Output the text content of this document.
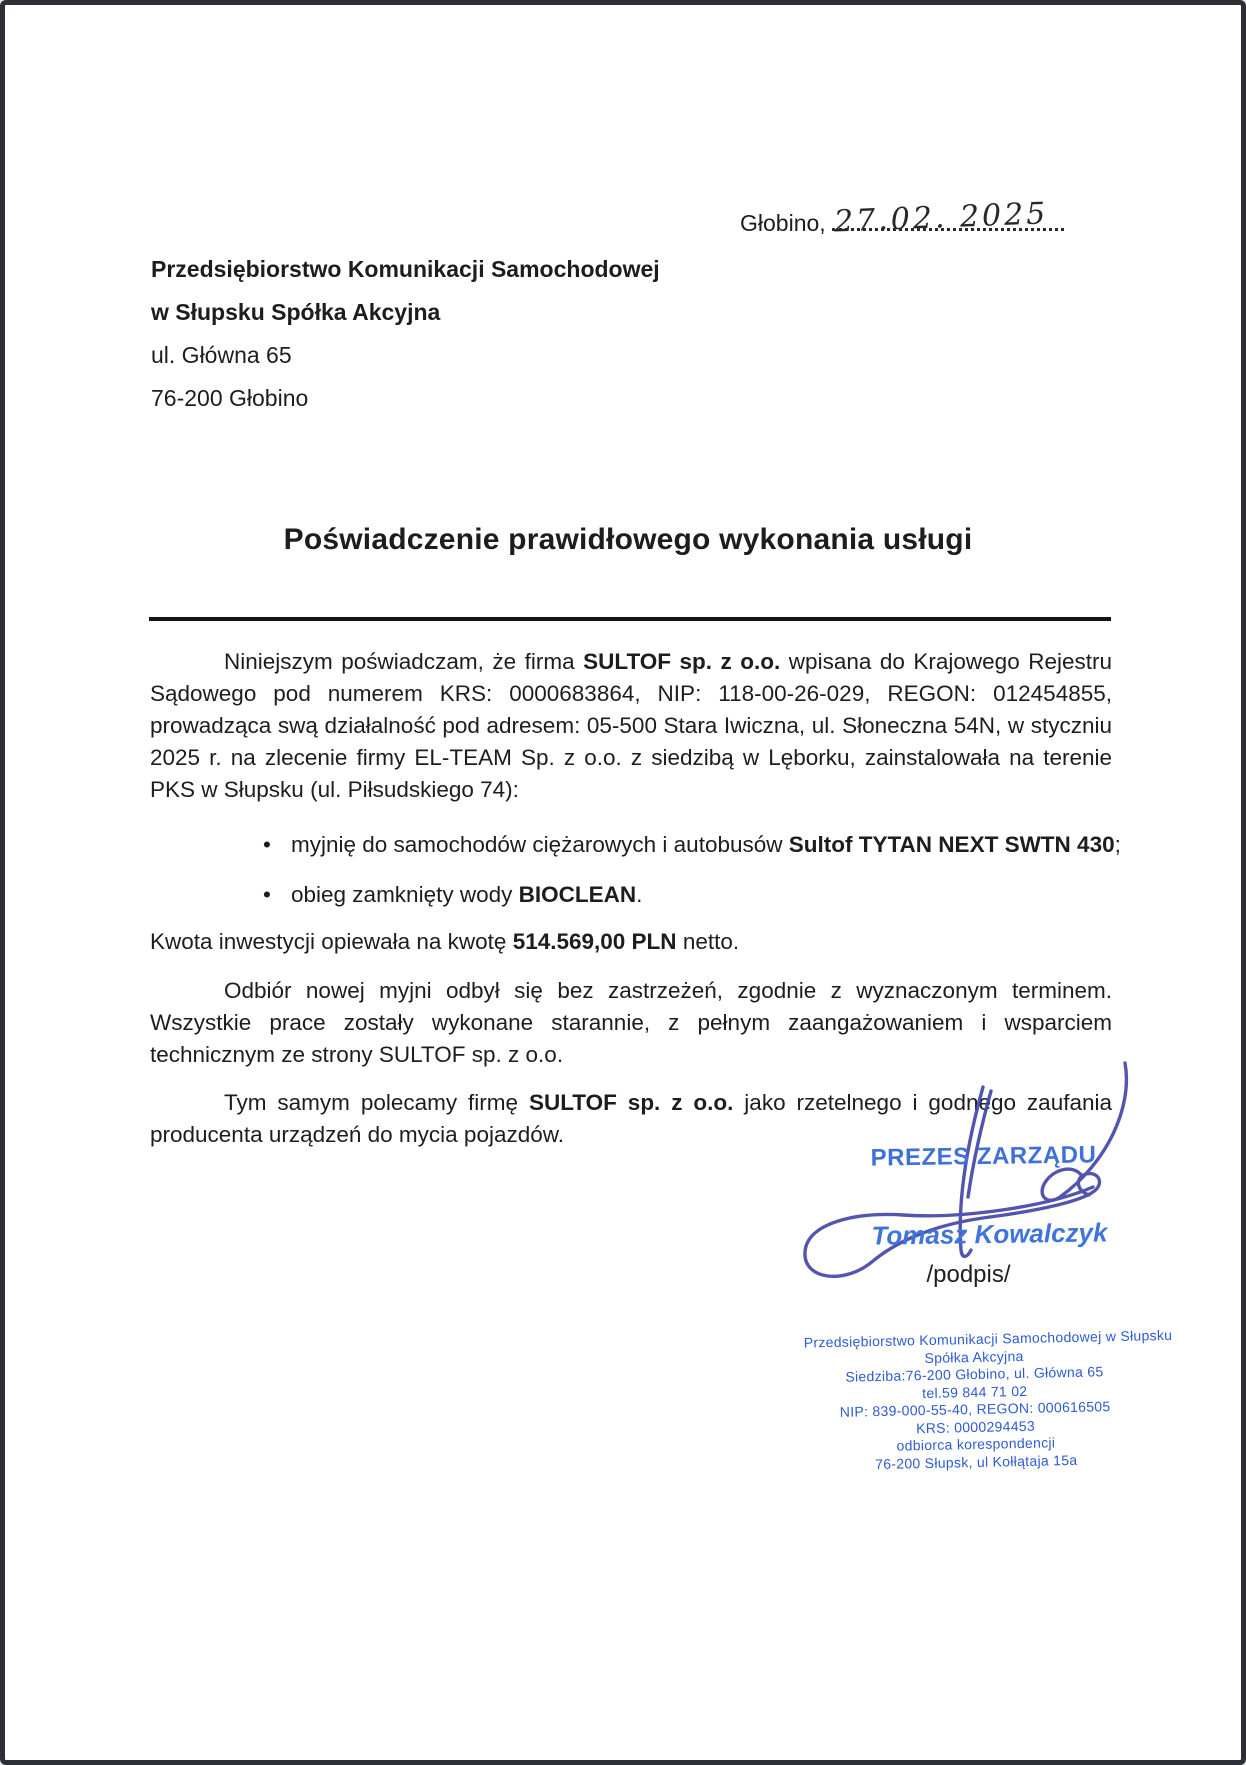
Głobino, 27.02. 2025
Przedsiębiorstwo Komunikacji Samochodowej
w Słupsku Spółka Akcyjna
ul. Główna 65
76-200 Głobino
Poświadczenie prawidłowego wykonania usługi
Niniejszym poświadczam, że firma SULTOF sp. z o.o. wpisana do Krajowego Rejestru Sądowego pod numerem KRS: 0000683864, NIP: 118-00-26-029, REGON: 012454855, prowadząca swą działalność pod adresem: 05-500 Stara Iwiczna, ul. Słoneczna 54N, w styczniu 2025 r. na zlecenie firmy EL-TEAM Sp. z o.o. z siedzibą w Lęborku, zainstalowała na terenie PKS w Słupsku (ul. Piłsudskiego 74):
• myjnię do samochodów ciężarowych i autobusów Sultof TYTAN NEXT SWTN 430;
• obieg zamknięty wody BIOCLEAN.
Kwota inwestycji opiewała na kwotę 514.569,00 PLN netto.
Odbiór nowej myjni odbył się bez zastrzeżeń, zgodnie z wyznaczonym terminem. Wszystkie prace zostały wykonane starannie, z pełnym zaangażowaniem i wsparciem technicznym ze strony SULTOF sp. z o.o.
Tym samym polecamy firmę SULTOF sp. z o.o. jako rzetelnego i godnego zaufania producenta urządzeń do mycia pojazdów.
PREZES ZARZĄDU
Tomasz Kowalczyk
/podpis/
Przedsiębiorstwo Komunikacji Samochodowej w Słupsku
Spółka Akcyjna
Siedziba:76-200 Głobino, ul. Główna 65
tel.59 844 71 02
NIP: 839-000-55-40, REGON: 000616505
KRS: 0000294453
odbiorca korespondencji
76-200 Słupsk, ul Kołłątaja 15a
